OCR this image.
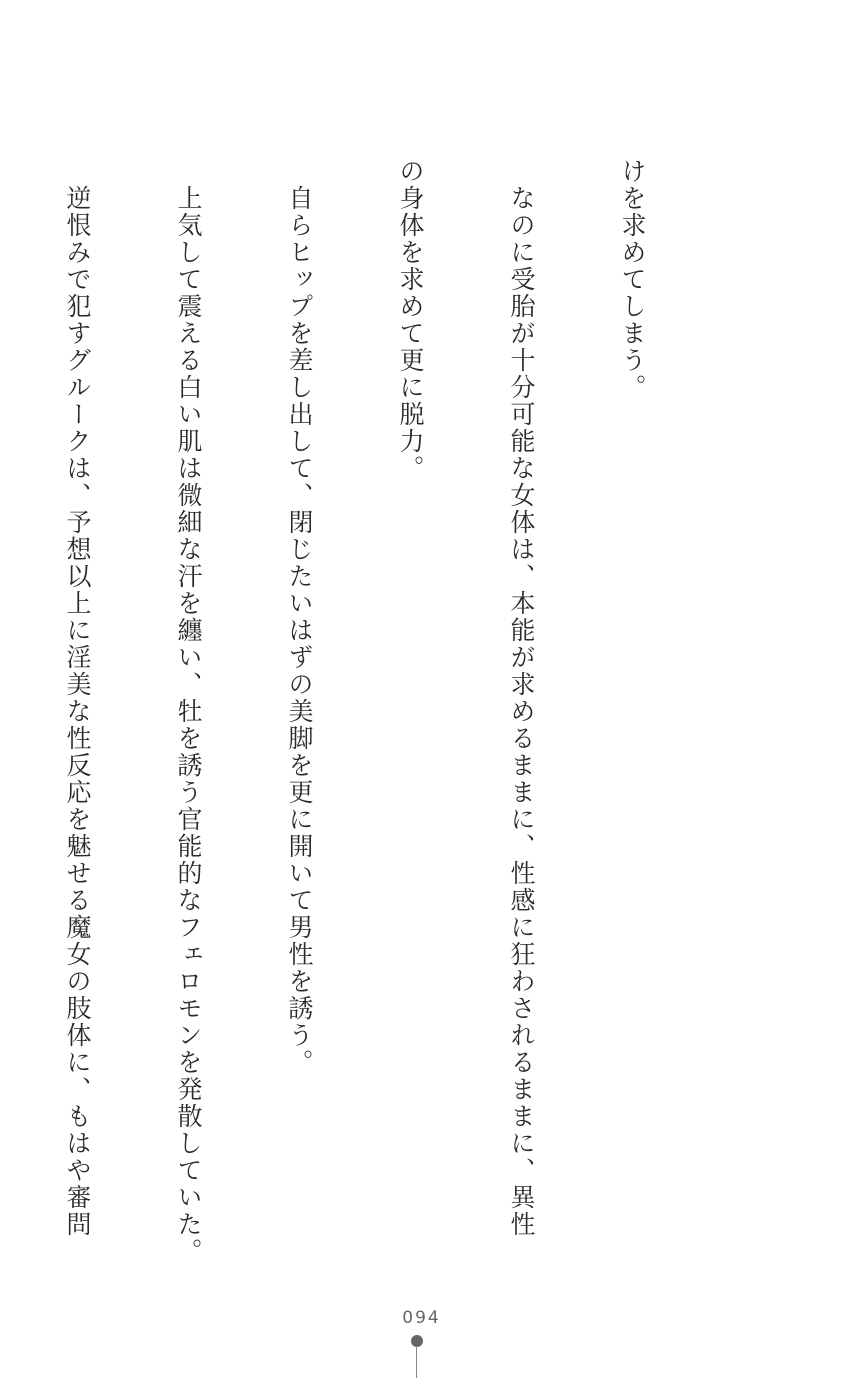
けを求めてしまう。

　なのに受胎が十分可能な女体は、本能が求めるままに、性感に狂わされるままに、異性

の身体を求めて更に脱力。

　自らヒップを差し出して、閉じたいはずの美脚を更に開いて男性を誘う。

　上気して震える白い肌は微細な汗を纏い、牡を誘う官能的なフェロモンを発散していた。

　逆恨みで犯すグルークは、予想以上に淫美な性反応を魅せる魔女の肢体に、もはや審問

094
